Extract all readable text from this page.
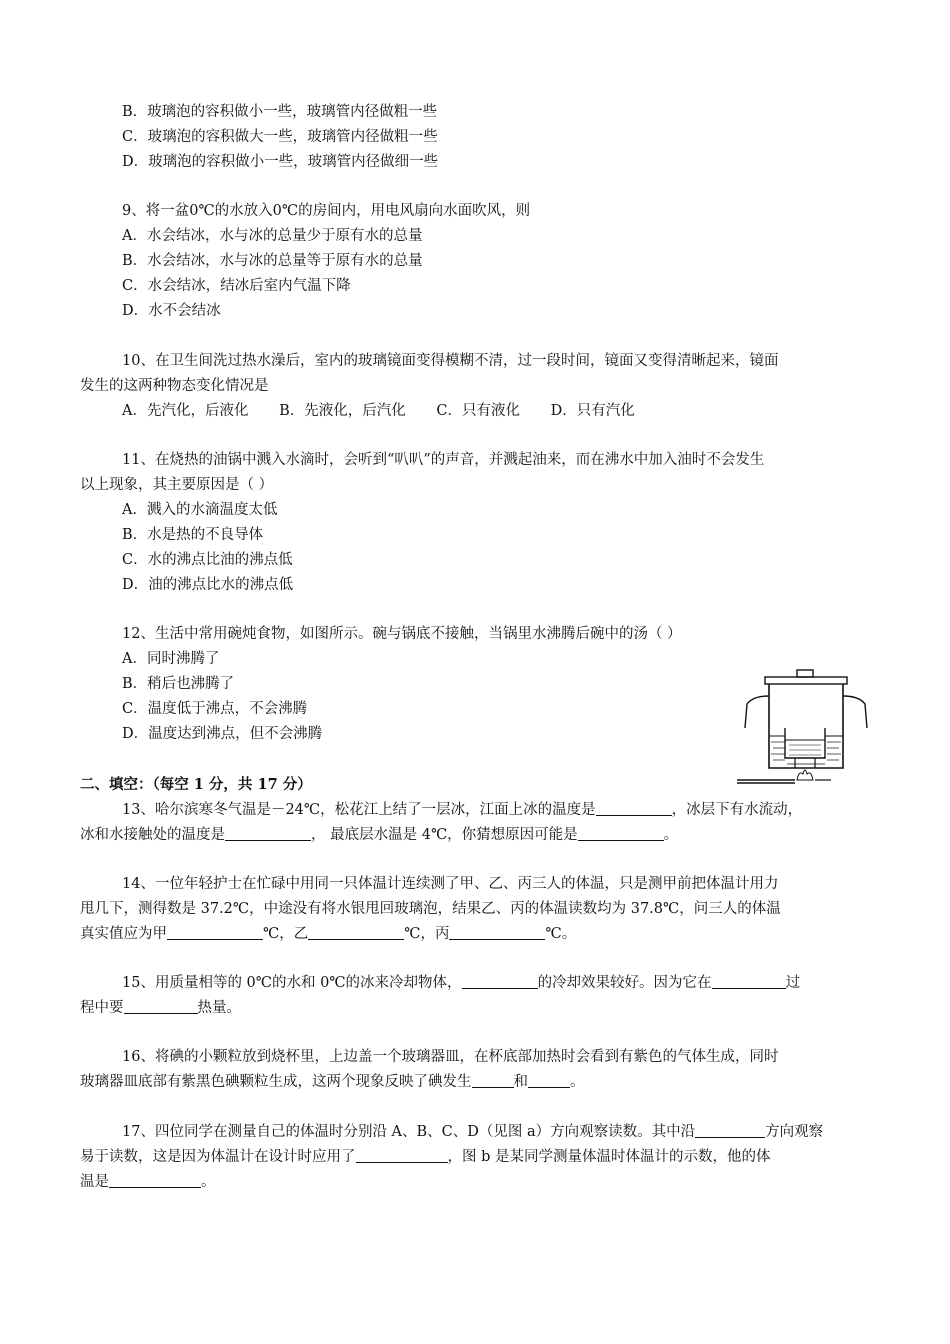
B．玻璃泡的容积做小一些，玻璃管内径做粗一些
C．玻璃泡的容积做大一些，玻璃管内径做粗一些
D．玻璃泡的容积做小一些，玻璃管内径做细一些
9、将一盆0℃的水放入0℃的房间内，用电风扇向水面吹风，则
A．水会结冰，水与冰的总量少于原有水的总量
B．水会结冰，水与冰的总量等于原有水的总量
C．水会结冰，结冰后室内气温下降
D．水不会结冰
10、在卫生间洗过热水澡后，室内的玻璃镜面变得模糊不清，过一段时间，镜面又变得清晰起来，镜面
发生的这两种物态变化情况是
A．先汽化，后液化 B．先液化，后汽化 C．只有液化 D．只有汽化
11、在烧热的油锅中溅入水滴时，会听到“叭叭”的声音，并溅起油来，而在沸水中加入油时不会发生
以上现象，其主要原因是（ ）
A．溅入的水滴温度太低
B．水是热的不良导体
C．水的沸点比油的沸点低
D．油的沸点比水的沸点低
12、生活中常用碗炖食物，如图所示。碗与锅底不接触，当锅里水沸腾后碗中的汤（ ）
A．同时沸腾了
B．稍后也沸腾了
C．温度低于沸点，不会沸腾
D．温度达到沸点，但不会沸腾
二、填空：（每空 1 分，共 17 分）
13、哈尔滨寒冬气温是－24℃，松花江上结了一层冰，江面上冰的温度是	，冰层下有水流动，
冰和水接触处的温度是	， 最底层水温是 4℃，你猜想原因可能是	。
14、一位年轻护士在忙碌中用同一只体温计连续测了甲、乙、丙三人的体温，只是测甲前把体温计用力
甩几下，测得数是 37.2℃，中途没有将水银甩回玻璃泡，结果乙、丙的体温读数均为 37.8℃，问三人的体温
真实值应为甲	℃，乙	℃，丙	℃。
15、用质量相等的 0℃的水和 0℃的冰来冷却物体，	的冷却效果较好。因为它在	过
程中要	热量。
16、将碘的小颗粒放到烧杯里，上边盖一个玻璃器皿，在杯底部加热时会看到有紫色的气体生成，同时
玻璃器皿底部有紫黑色碘颗粒生成，这两个现象反映了碘发生	和	。
17、四位同学在测量自己的体温时分别沿 A、B、C、D（见图 a）方向观察读数。其中沿	方向观察
易于读数，这是因为体温计在设计时应用了	，图 b 是某同学测量体温时体温计的示数，他的体
温是	。
